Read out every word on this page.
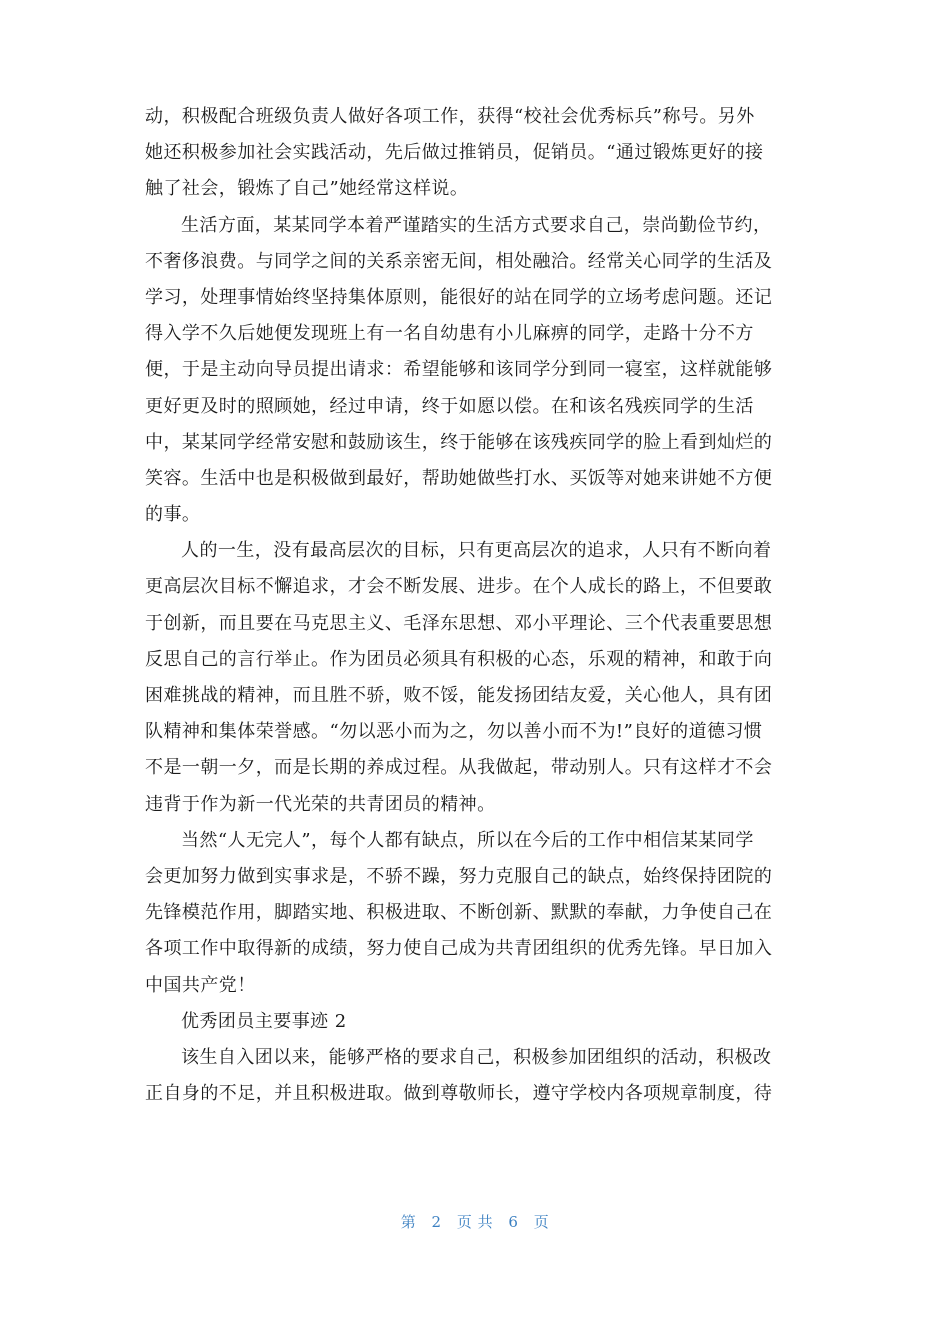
动，积极配合班级负责人做好各项工作，获得“校社会优秀标兵”称号。另外
她还积极参加社会实践活动，先后做过推销员，促销员。“通过锻炼更好的接
触了社会，锻炼了自己”她经常这样说。
生活方面，某某同学本着严谨踏实的生活方式要求自己，崇尚勤俭节约，
不奢侈浪费。与同学之间的关系亲密无间，相处融洽。经常关心同学的生活及
学习，处理事情始终坚持集体原则，能很好的站在同学的立场考虑问题。还记
得入学不久后她便发现班上有一名自幼患有小儿麻痹的同学，走路十分不方
便，于是主动向导员提出请求：希望能够和该同学分到同一寝室，这样就能够
更好更及时的照顾她，经过申请，终于如愿以偿。在和该名残疾同学的生活
中，某某同学经常安慰和鼓励该生，终于能够在该残疾同学的脸上看到灿烂的
笑容。生活中也是积极做到最好，帮助她做些打水、买饭等对她来讲她不方便
的事。
人的一生，没有最高层次的目标，只有更高层次的追求，人只有不断向着
更高层次目标不懈追求，才会不断发展、进步。在个人成长的路上，不但要敢
于创新，而且要在马克思主义、毛泽东思想、邓小平理论、三个代表重要思想
反思自己的言行举止。作为团员必须具有积极的心态，乐观的精神，和敢于向
困难挑战的精神，而且胜不骄，败不馁，能发扬团结友爱，关心他人，具有团
队精神和集体荣誉感。“勿以恶小而为之，勿以善小而不为!”良好的道德习惯
不是一朝一夕，而是长期的养成过程。从我做起，带动别人。只有这样才不会
违背于作为新一代光荣的共青团员的精神。
当然“人无完人”，每个人都有缺点，所以在今后的工作中相信某某同学
会更加努力做到实事求是，不骄不躁，努力克服自己的缺点，始终保持团院的
先锋模范作用，脚踏实地、积极进取、不断创新、默默的奉献，力争使自己在
各项工作中取得新的成绩，努力使自己成为共青团组织的优秀先锋。早日加入
中国共产党！
优秀团员主要事迹 2
该生自入团以来，能够严格的要求自己，积极参加团组织的活动，积极改
正自身的不足，并且积极进取。做到尊敬师长，遵守学校内各项规章制度，待
第 2 页 共 6 页
